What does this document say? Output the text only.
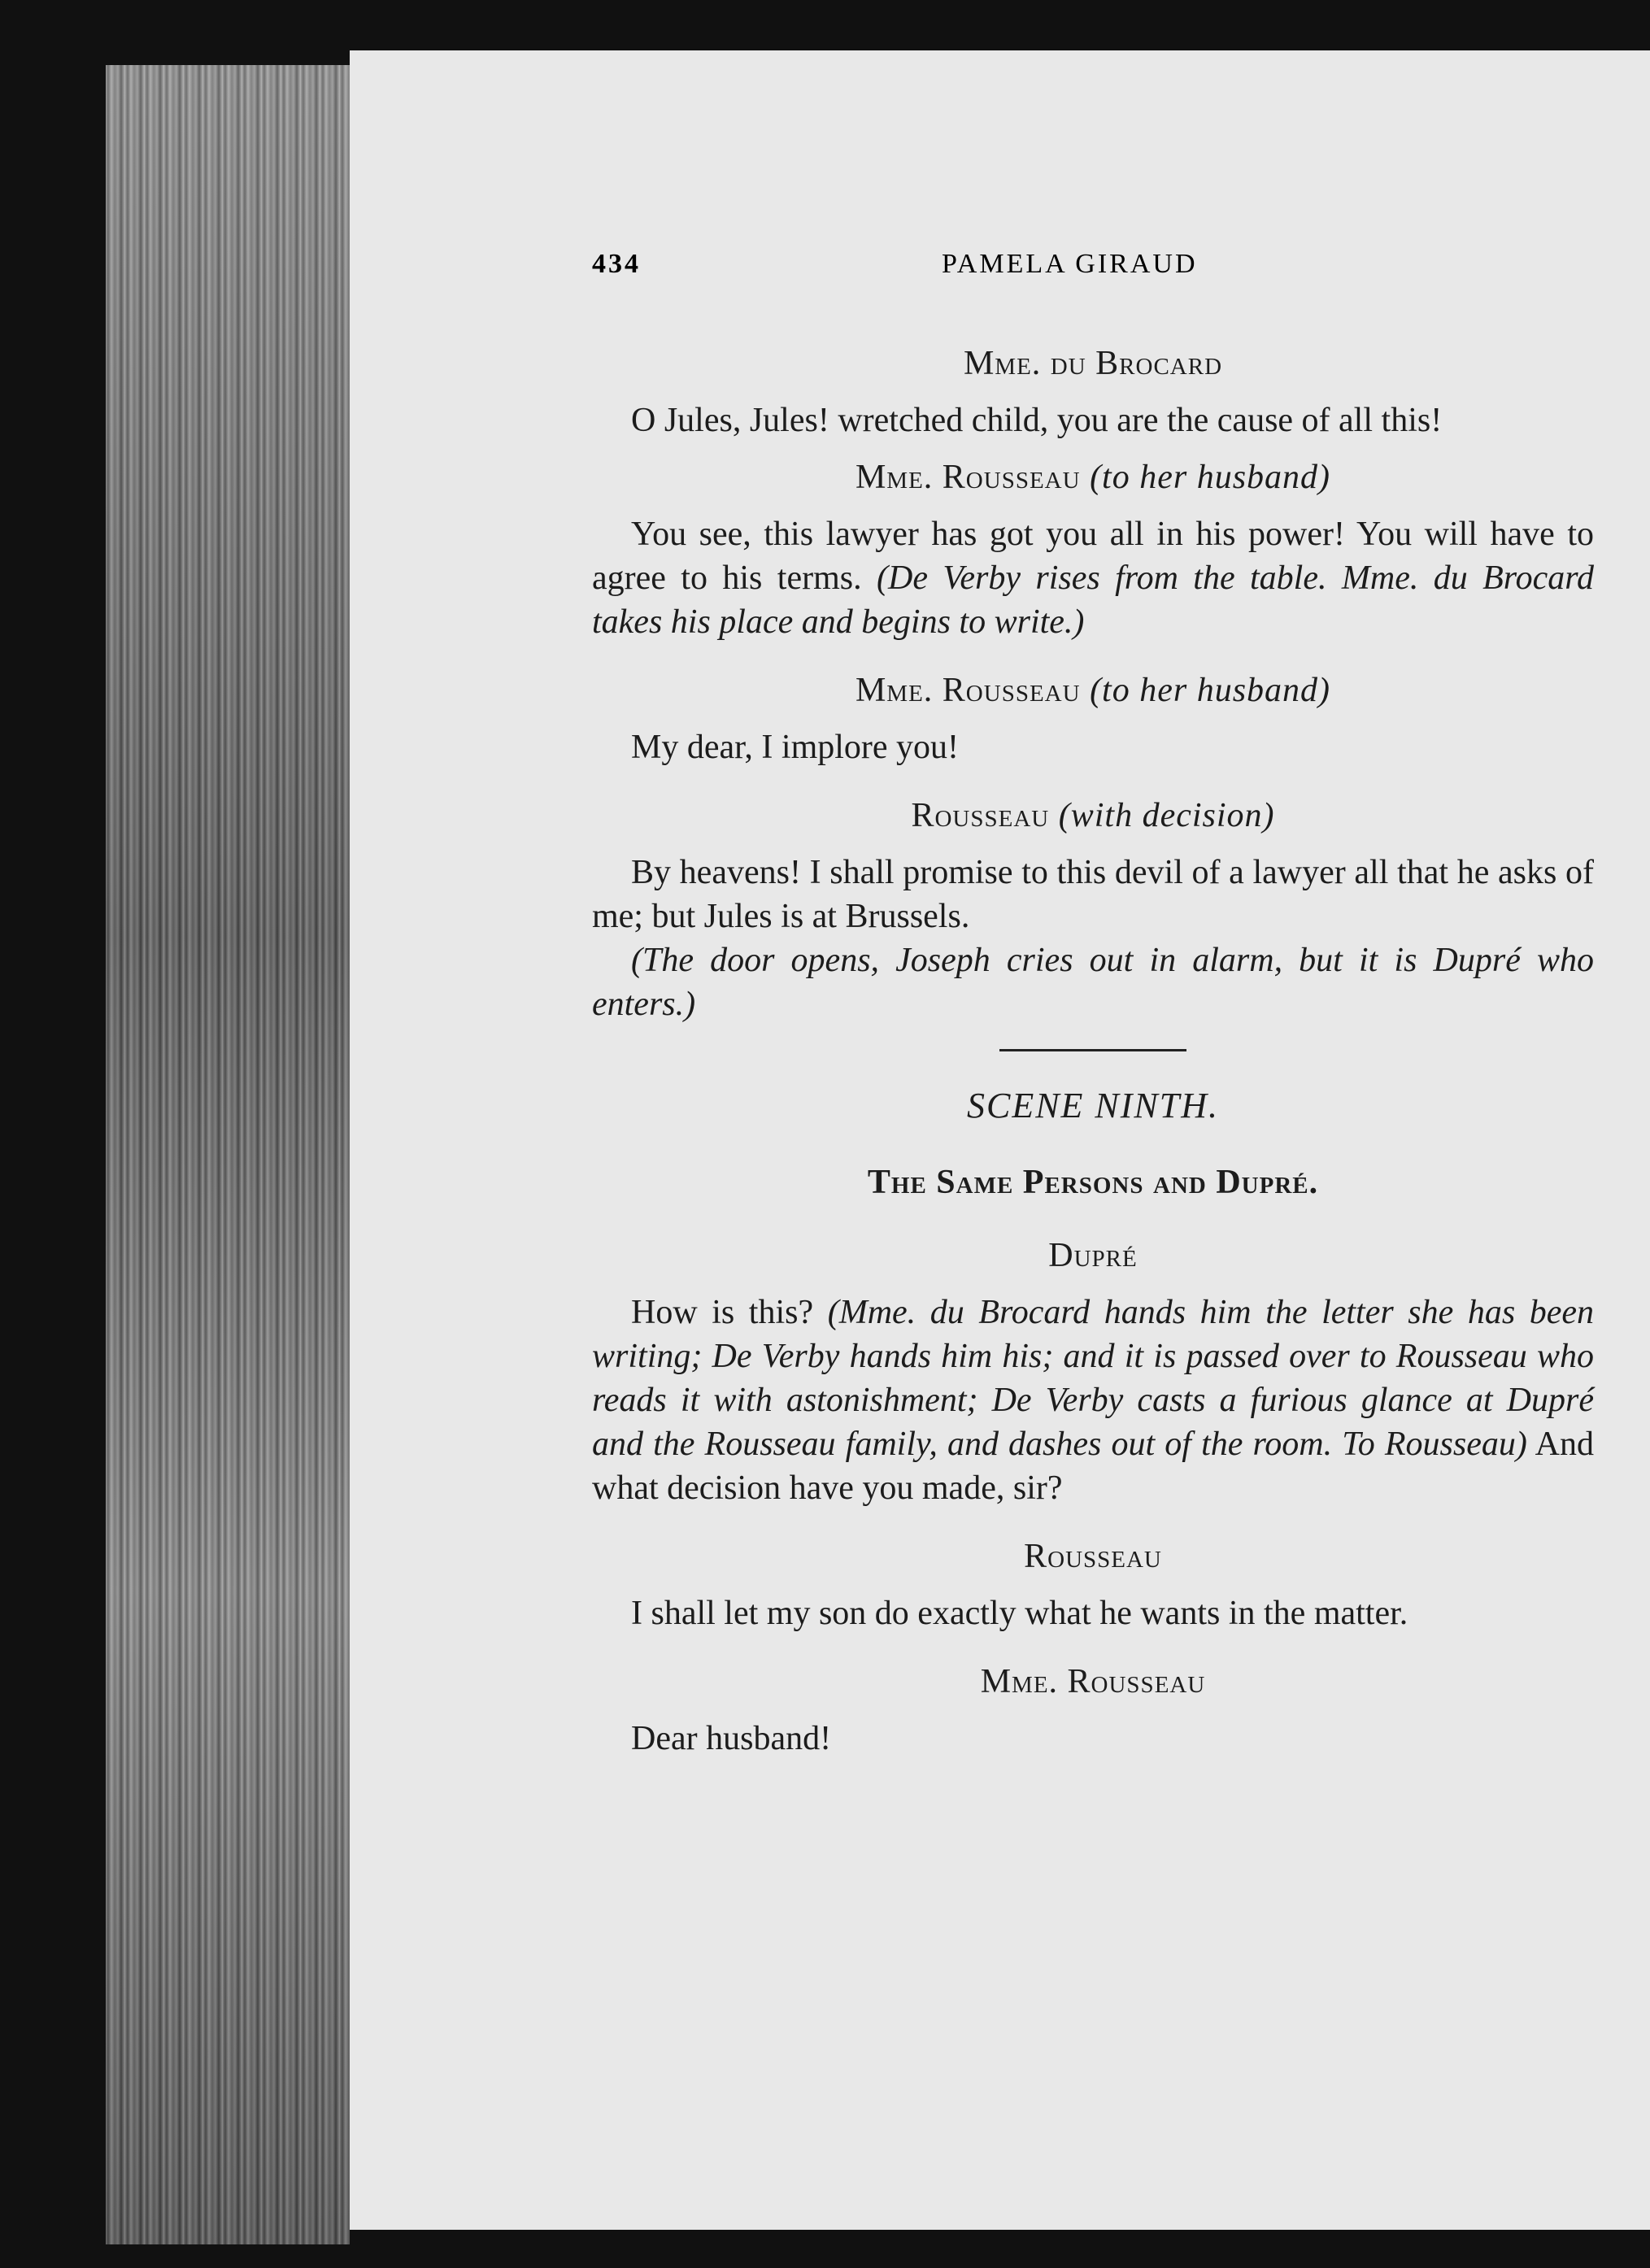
434	PAMELA GIRAUD

Mme. du Brocard

O Jules, Jules! wretched child, you are the cause of all this!

Mme. Rousseau (to her husband)

You see, this lawyer has got you all in his power! You will have to agree to his terms. (De Verby rises from the table. Mme. du Brocard takes his place and begins to write.)

Mme. Rousseau (to her husband)

My dear, I implore you!

Rousseau (with decision)

By heavens! I shall promise to this devil of a lawyer all that he asks of me; but Jules is at Brussels.

(The door opens, Joseph cries out in alarm, but it is Dupré who enters.)

SCENE NINTH.

The Same Persons and Dupré.

Dupré

How is this? (Mme. du Brocard hands him the letter she has been writing; De Verby hands him his; and it is passed over to Rousseau who reads it with astonishment; De Verby casts a furious glance at Dupré and the Rousseau family, and dashes out of the room. To Rousseau) And what decision have you made, sir?

Rousseau

I shall let my son do exactly what he wants in the matter.

Mme. Rousseau

Dear husband!
